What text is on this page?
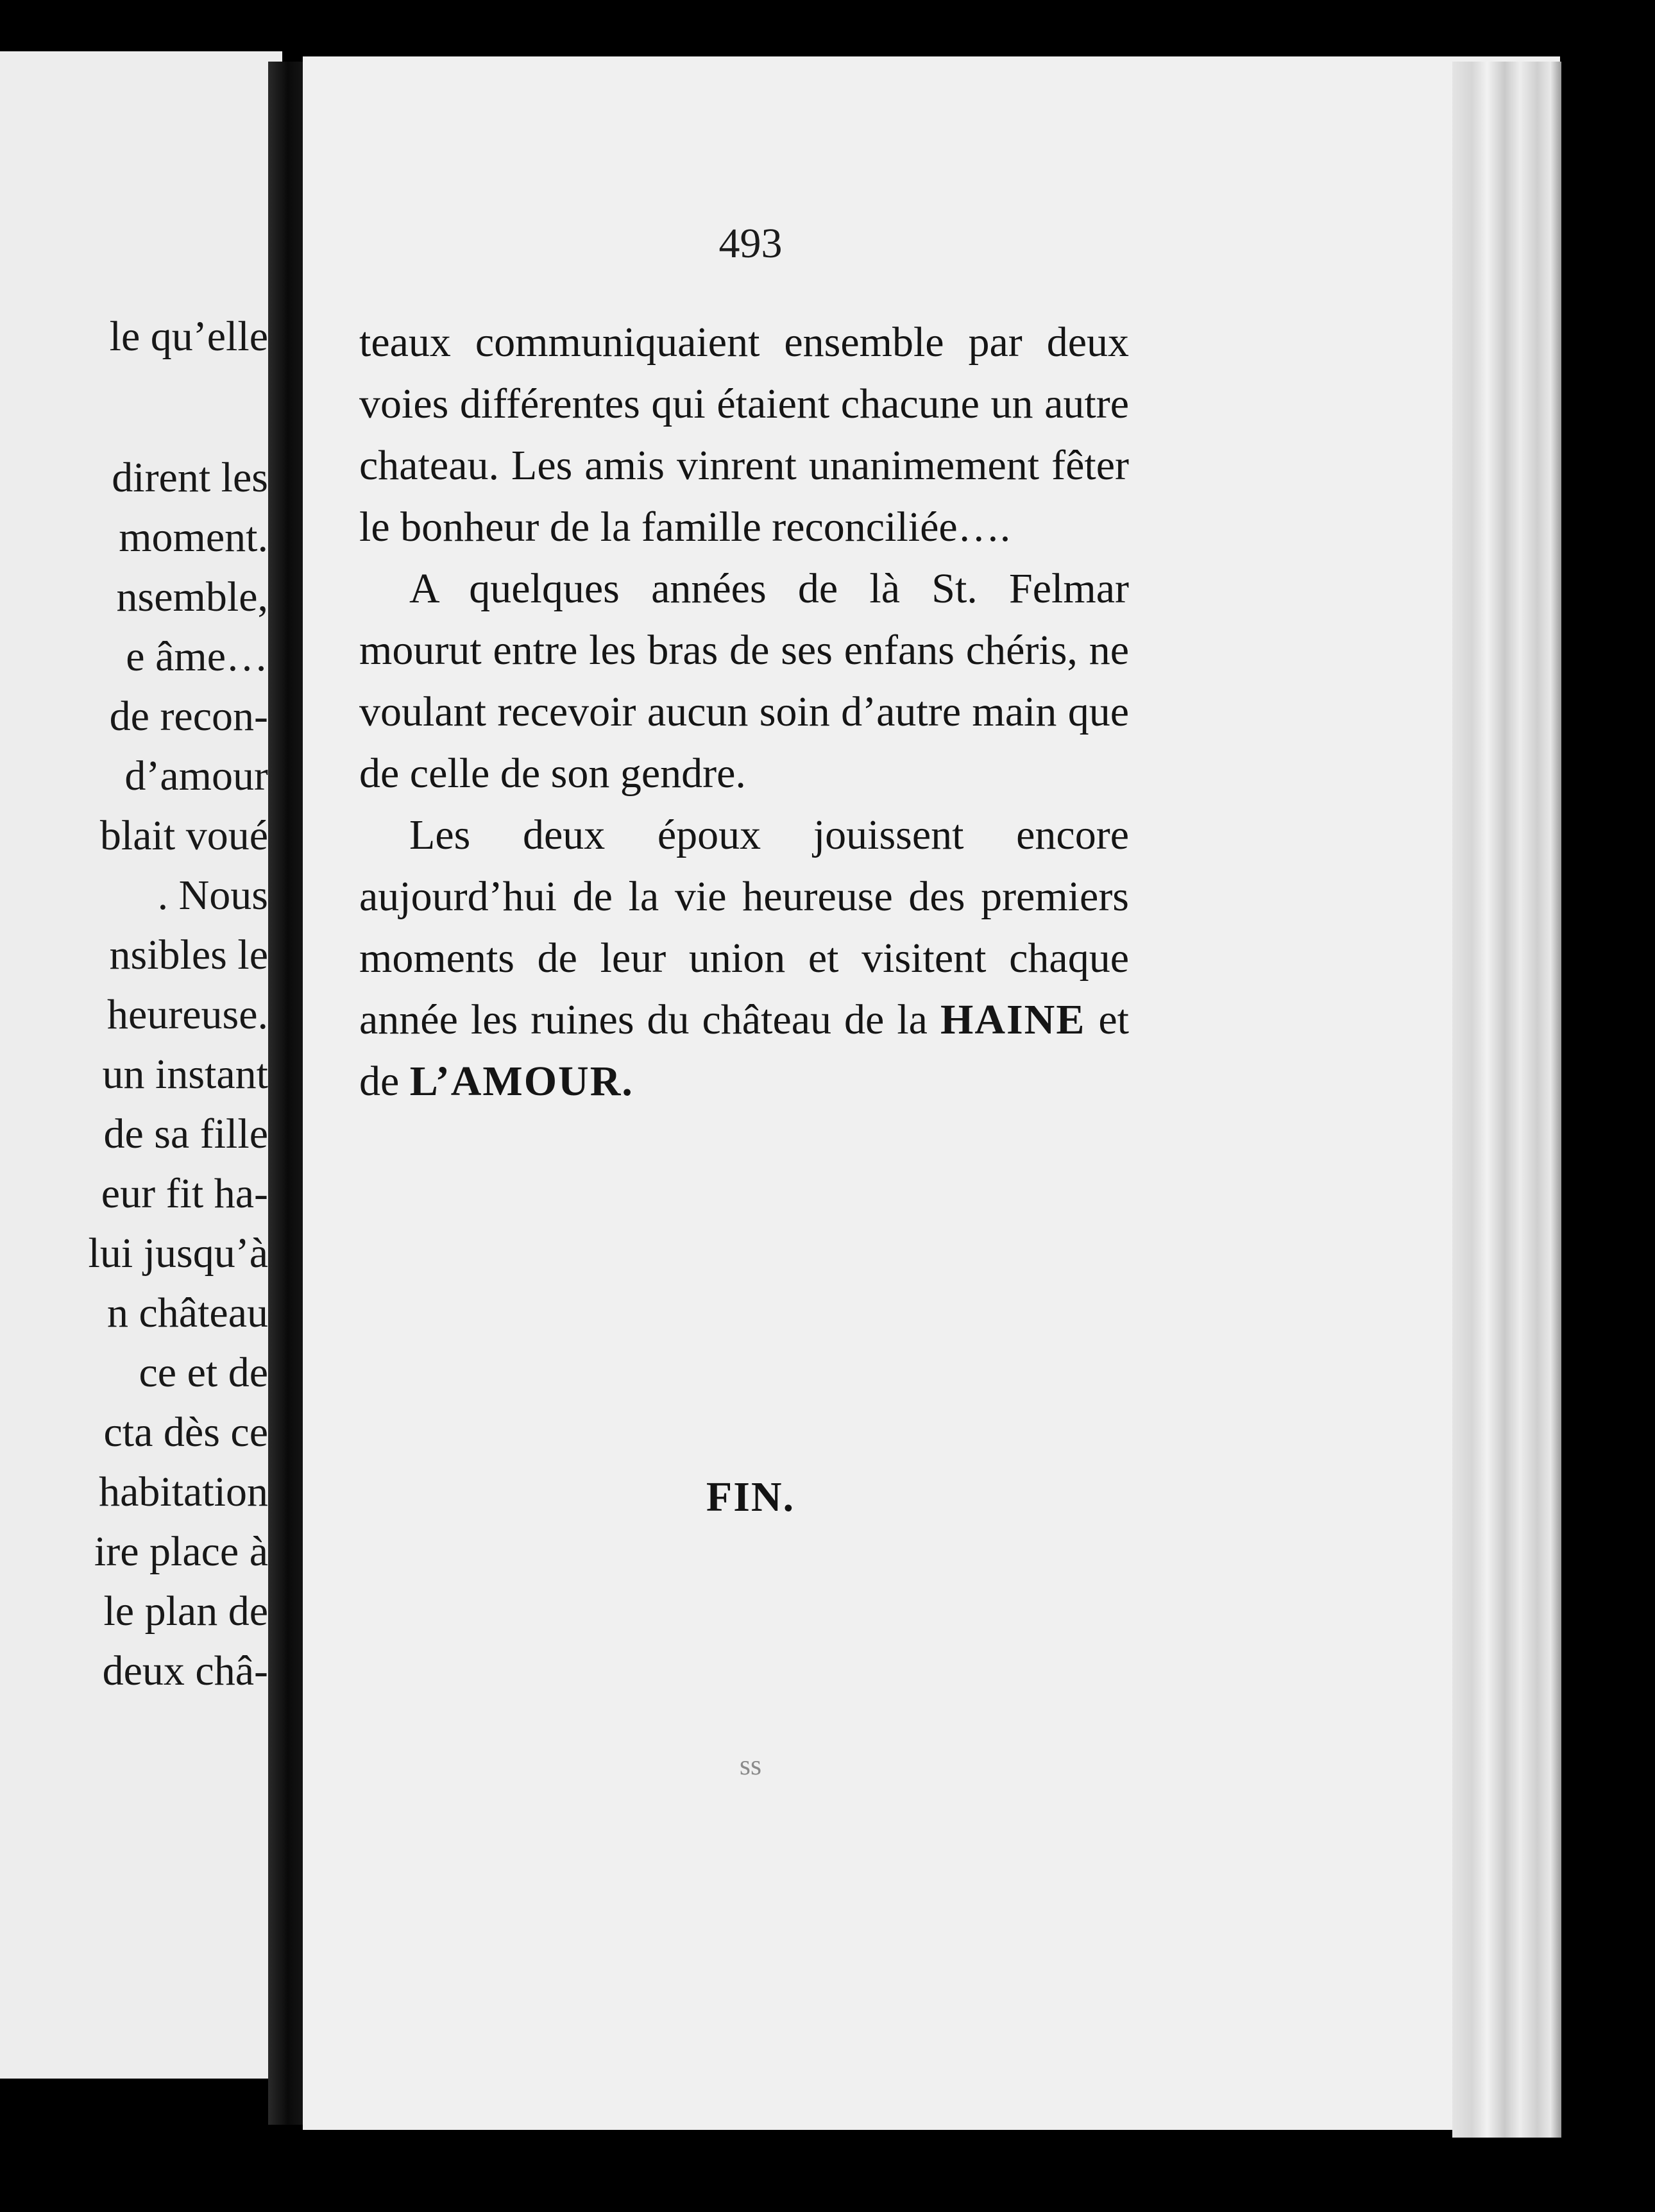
le qu’elle

dirent les

moment.

nsemble,

e âme…

de recon-

d’amour

blait voué

. Nous

nsibles le

heureuse.

un instant

de sa fille

eur fit ha-

lui jusqu’à

n château

ce et de

cta dès ce

habitation

ire place à

le plan de

deux châ-

493

teaux communiquaient ensemble par deux voies différentes qui étaient chacune un autre chateau. Les amis vinrent unanimement fêter le bonheur de la famille reconciliée….

A quelques années de là St. Felmar mourut entre les bras de ses enfans chéris, ne voulant recevoir aucun soin d’autre main que de celle de son gendre.

Les deux époux jouissent encore aujourd’hui de la vie heureuse des premiers moments de leur union et visitent chaque année les ruines du château de la HAINE et de L’AMOUR.

FIN.

ss
